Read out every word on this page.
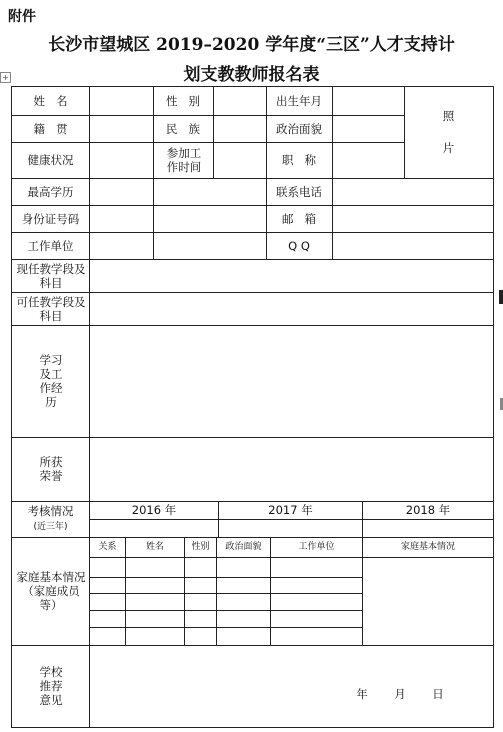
附件
长沙市望城区 2019–2020 学年度“三区”人才支持计
划支教教师报名表
+
姓名	性别	出生年月
照
片
籍贯	民族	政治面貌
健康状况	参加工作时间	职称
最高学历	联系电话
身份证号码	邮箱
工作单位	Q Q
现任教学段及科目
可任教学段及科目
学习及工作经历
所获荣誉
考核情况
(近三年)
2016 年	2017 年	2018 年
家庭基本情况（家庭成员等）
关系	姓名	性别	政治面貌	工作单位	家庭基本情况
学校推荐意见	年	月	日
